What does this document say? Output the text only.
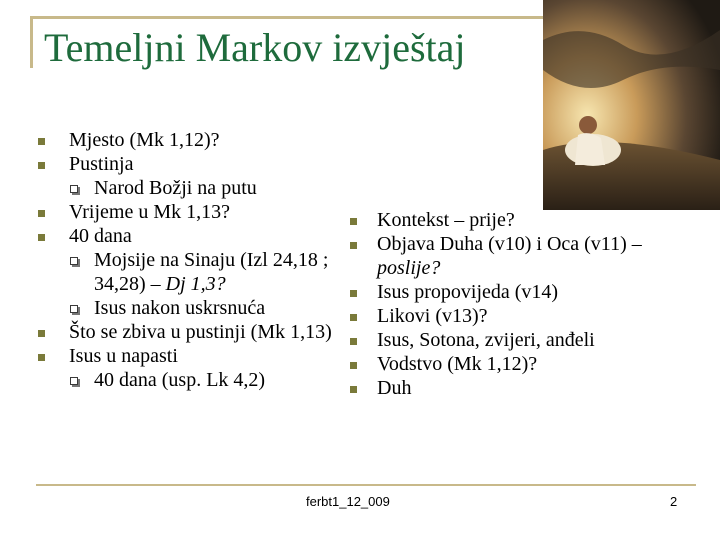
Temeljni Markov izvještaj
Mjesto (Mk 1,12)?
Pustinja
Narod Božji na putu
Vrijeme u Mk 1,13?
40 dana
Mojsije na Sinaju (Izl 24,18 ; 34,28) – Dj 1,3?
Isus nakon uskrsnuća
Što se zbiva u pustinji (Mk 1,13)
Isus u napasti
40 dana (usp. Lk 4,2)
Kontekst – prije?
Objava Duha (v10) i Oca (v11) – poslije?
Isus propovijeda (v14)
Likovi (v13)?
Isus, Sotona, zvijeri, anđeli
Vodstvo (Mk 1,12)?
Duh
ferbt1_12_009	2
